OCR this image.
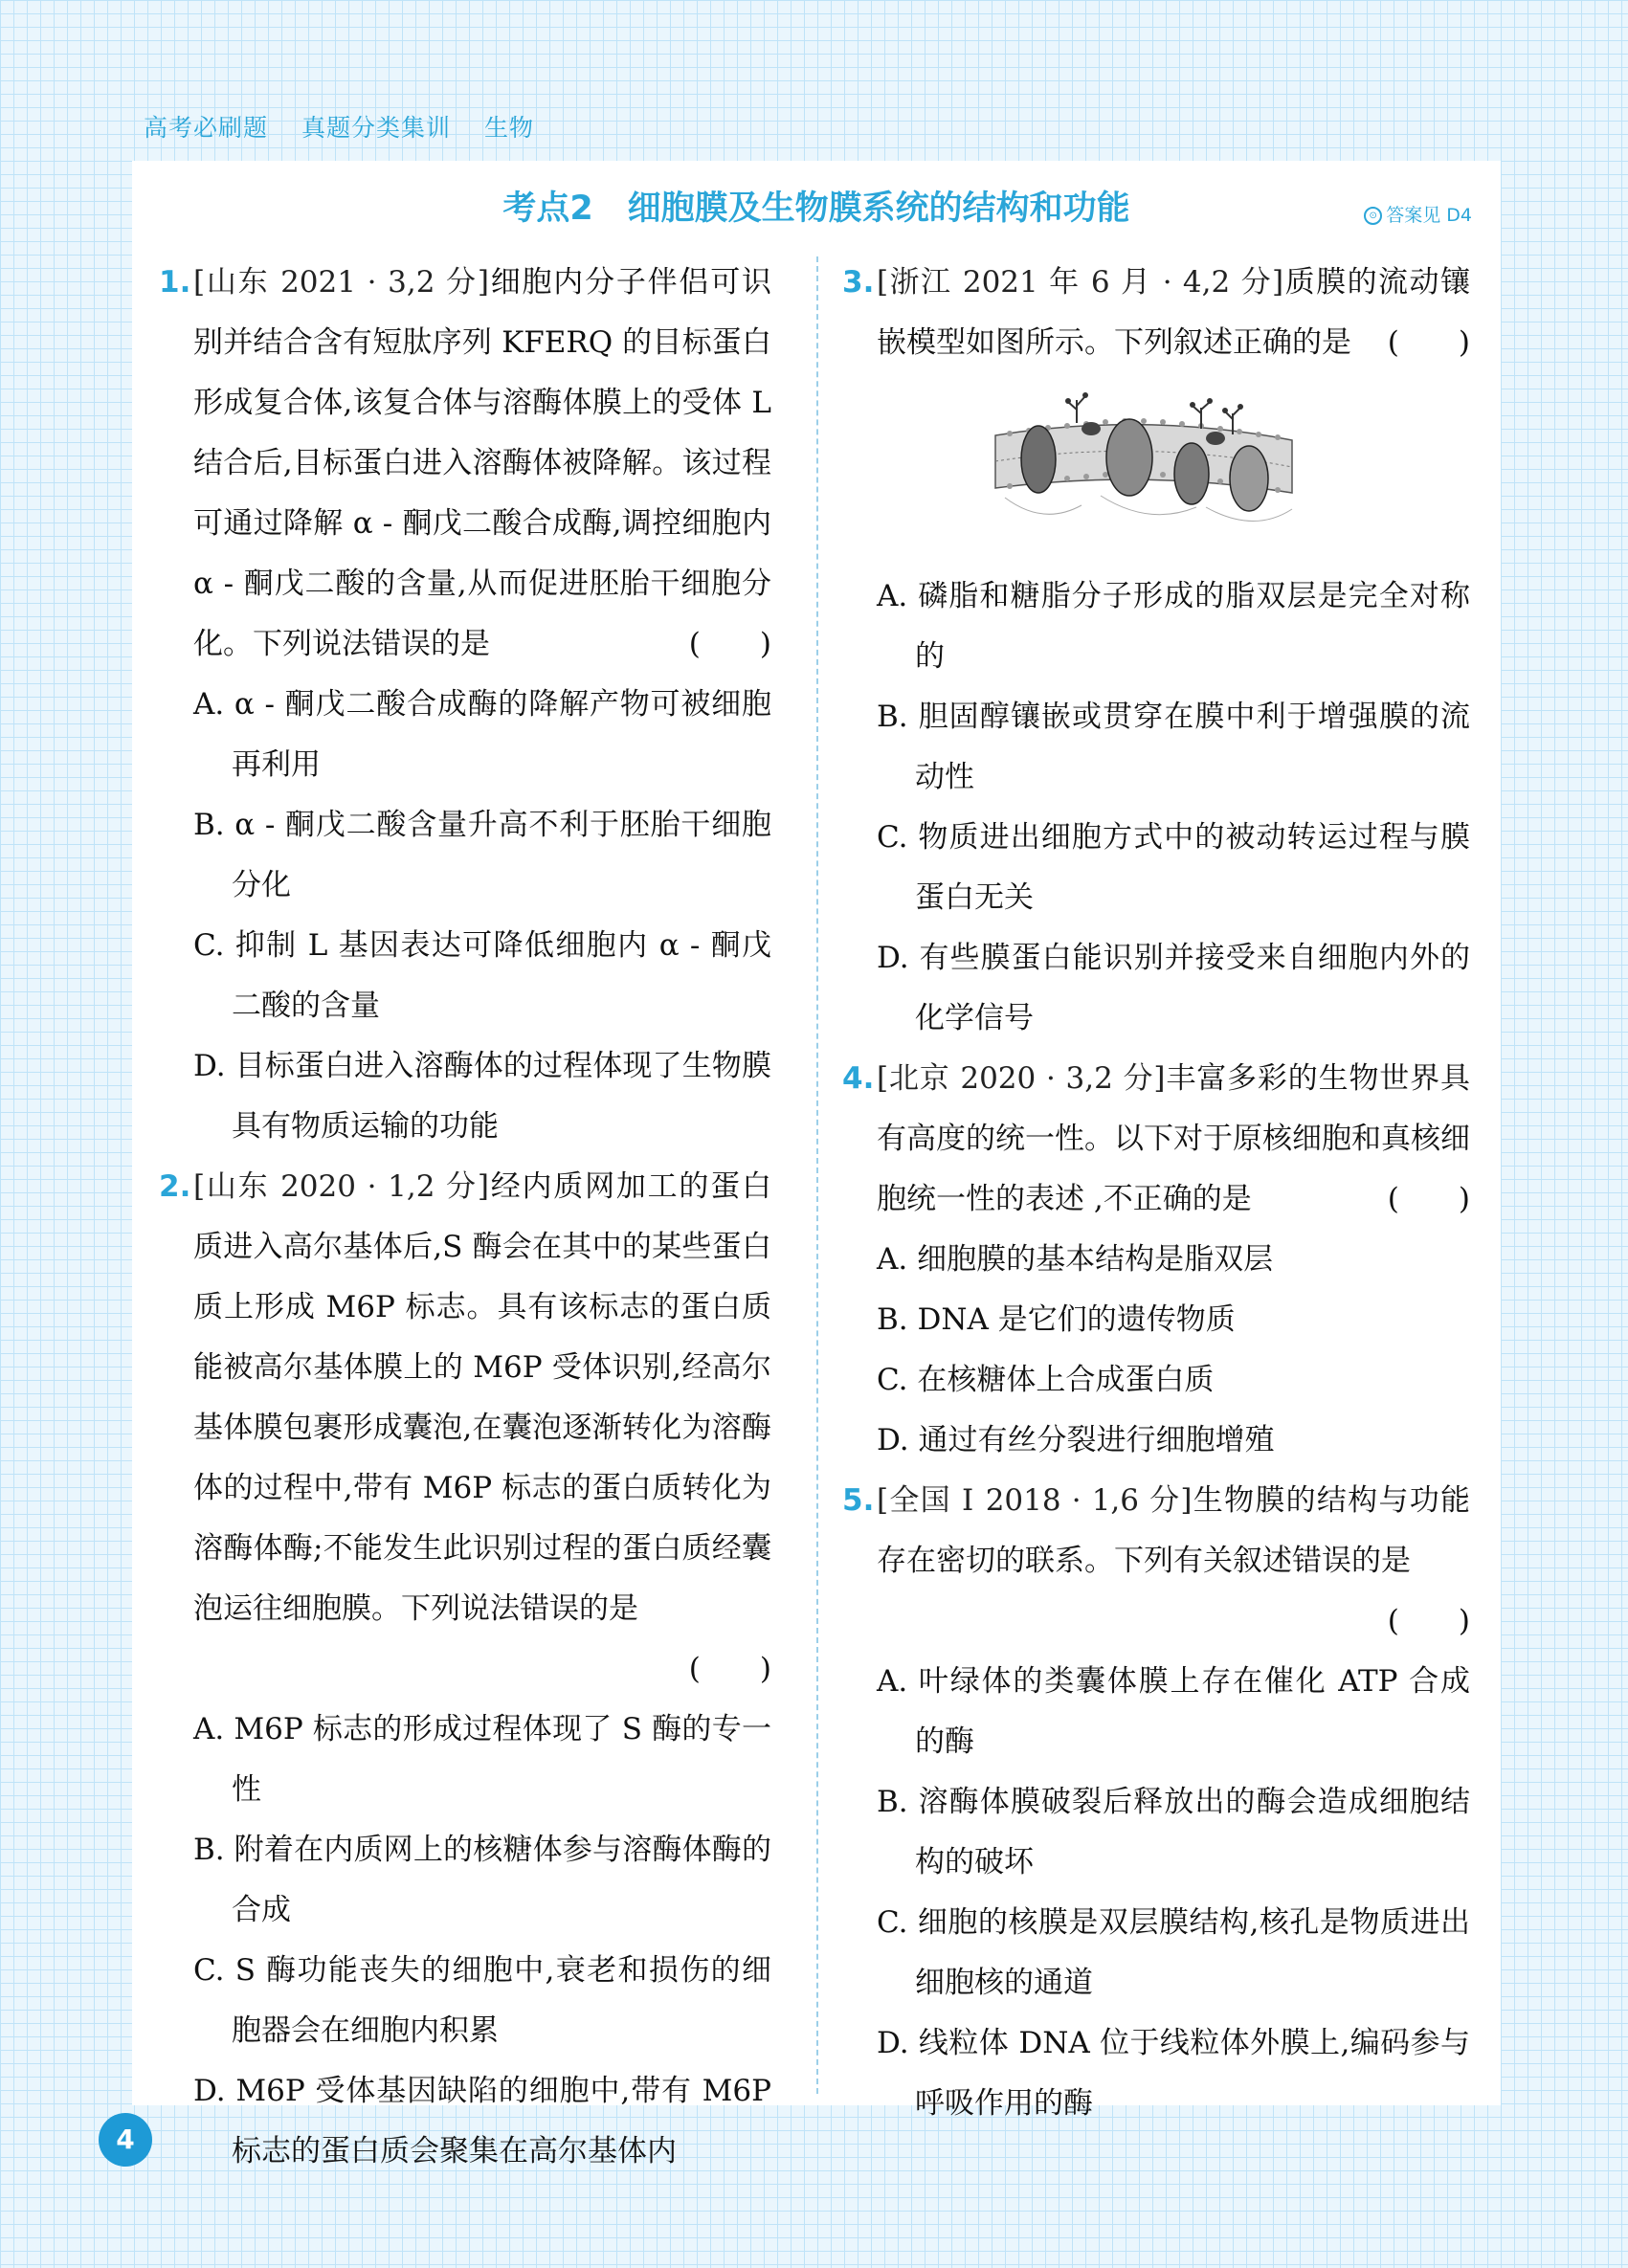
高考必刷题 真题分类集训 生物
考点2 细胞膜及生物膜系统的结构和功能	⊙ 答案见 D4
1.[山东 2021 · 3,2 分]细胞内分子伴侣可识别并结合含有短肽序列 KFERQ 的目标蛋白形成复合体,该复合体与溶酶体膜上的受体 L 结合后,目标蛋白进入溶酶体被降解。该过程可通过降解 α - 酮戊二酸合成酶,调控细胞内α - 酮戊二酸的含量,从而促进胚胎干细胞分化。下列说法错误的是　　	(　　)
A. α - 酮戊二酸合成酶的降解产物可被细胞再利用
B. α - 酮戊二酸含量升高不利于胚胎干细胞分化
C. 抑制 L 基因表达可降低细胞内 α - 酮戊二酸的含量
D. 目标蛋白进入溶酶体的过程体现了生物膜具有物质运输的功能
2.[山东 2020 · 1,2 分]经内质网加工的蛋白质进入高尔基体后,S 酶会在其中的某些蛋白质上形成 M6P 标志。具有该标志的蛋白质能被高尔基体膜上的 M6P 受体识别,经高尔基体膜包裹形成囊泡,在囊泡逐渐转化为溶酶体的过程中,带有 M6P 标志的蛋白质转化为溶酶体酶;不能发生此识别过程的蛋白质经囊泡运往细胞膜。下列说法错误的是
(　　)
A. M6P 标志的形成过程体现了 S 酶的专一性
B. 附着在内质网上的核糖体参与溶酶体酶的合成
C. S 酶功能丧失的细胞中,衰老和损伤的细胞器会在细胞内积累
D. M6P 受体基因缺陷的细胞中,带有 M6P 标志的蛋白质会聚集在高尔基体内
3.[浙江 2021 年 6 月 · 4,2 分]质膜的流动镶嵌模型如图所示。下列叙述正确的是　　 (　　)
A. 磷脂和糖脂分子形成的脂双层是完全对称的
B. 胆固醇镶嵌或贯穿在膜中利于增强膜的流动性
C. 物质进出细胞方式中的被动转运过程与膜蛋白无关
D. 有些膜蛋白能识别并接受来自细胞内外的化学信号
4.[北京 2020 · 3,2 分]丰富多彩的生物世界具有高度的统一性。以下对于原核细胞和真核细胞统一性的表述 ,不正确的是　	(　　)
A. 细胞膜的基本结构是脂双层
B. DNA 是它们的遗传物质
C. 在核糖体上合成蛋白质
D. 通过有丝分裂进行细胞增殖
5.[全国 Ⅰ 2018 · 1,6 分]生物膜的结构与功能存在密切的联系。下列有关叙述错误的是
(　　)
A. 叶绿体的类囊体膜上存在催化 ATP 合成的酶
B. 溶酶体膜破裂后释放出的酶会造成细胞结构的破坏
C. 细胞的核膜是双层膜结构,核孔是物质进出细胞核的通道
D. 线粒体 DNA 位于线粒体外膜上,编码参与呼吸作用的酶
4
